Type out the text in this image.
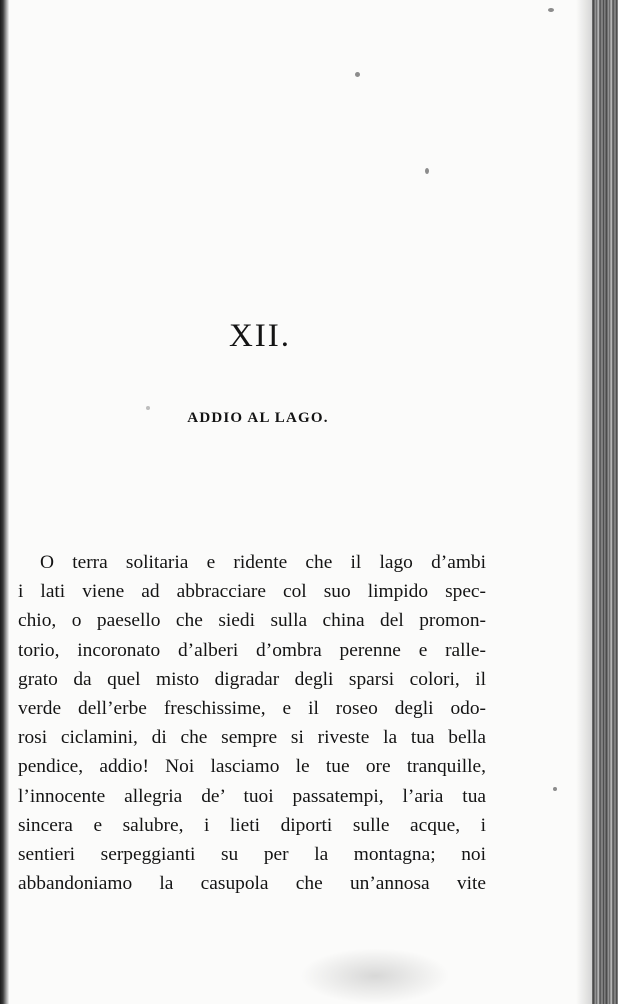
XII.
ADDIO AL LAGO.
O terra solitaria e ridente che il lago d’ambi
i lati viene ad abbracciare col suo limpido spec-
chio, o paesello che siedi sulla china del promon-
torio, incoronato d’alberi d’ombra perenne e ralle-
grato da quel misto digradar degli sparsi colori, il
verde dell’erbe freschissime, e il roseo degli odo-
rosi ciclamini, di che sempre si riveste la tua bella
pendice, addio! Noi lasciamo le tue ore tranquille,
l’innocente allegria de’ tuoi passatempi, l’aria tua
sincera e salubre, i lieti diporti sulle acque, i
sentieri serpeggianti su per la montagna; noi
abbandoniamo la casupola che un’annosa vite
